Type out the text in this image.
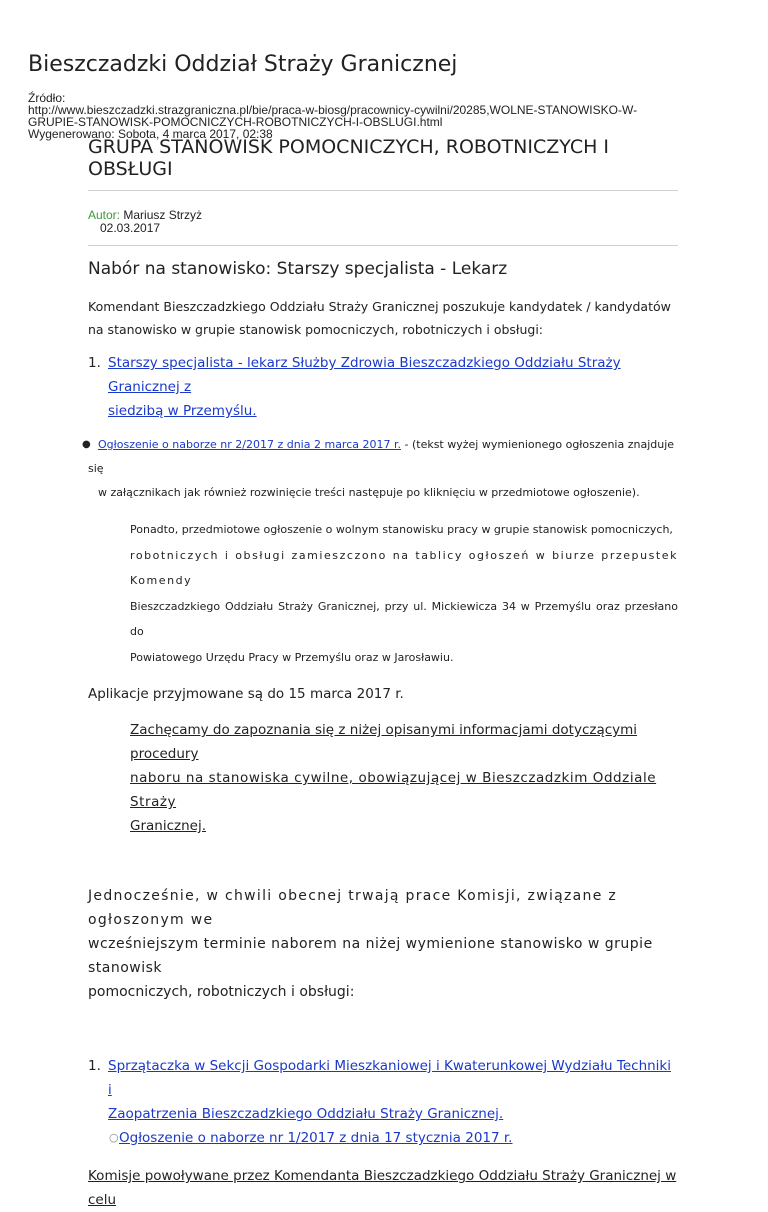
Bieszczadzki Oddział Straży Granicznej
Źródło:
http://www.bieszczadzki.strazgraniczna.pl/bie/praca-w-biosg/pracownicy-cywilni/20285,WOLNE-STANOWISKO-W-
GRUPIE-STANOWISK-POMOCNICZYCH-ROBOTNICZYCH-I-OBSLUGI.html
Wygenerowano: Sobota, 4 marca 2017, 02:38
GRUPA STANOWISK POMOCNICZYCH, ROBOTNICZYCH I
OBSŁUGI
Autor: Mariusz Strzyż
02.03.2017
Nabór na stanowisko: Starszy specjalista - Lekarz

Komendant Bieszczadzkiego Oddziału Straży Granicznej poszukuje kandydatek / kandydatów
na stanowisko w grupie stanowisk pomocniczych, robotniczych i obsługi:

1. Starszy specjalista - lekarz Służby Zdrowia Bieszczadzkiego Oddziału Straży Granicznej z
siedzibą w Przemyślu.
● Ogłoszenie o naborze nr 2/2017 z dnia 2 marca 2017 r. - (tekst wyżej wymienionego ogłoszenia znajduje się
w załącznikach jak również rozwinięcie treści następuje po kliknięciu w przedmiotowe ogłoszenie).

Ponadto, przedmiotowe ogłoszenie o wolnym stanowisku pracy w grupie stanowisk pomocniczych,
robotniczych i obsługi zamieszczono na tablicy ogłoszeń w biurze przepustek Komendy
Bieszczadzkiego Oddziału Straży Granicznej, przy ul. Mickiewicza 34 w Przemyślu oraz przesłano do
Powiatowego Urzędu Pracy w Przemyślu oraz w Jarosławiu.

Aplikacje przyjmowane są do 15 marca 2017 r.

Zachęcamy do zapoznania się z niżej opisanymi informacjami dotyczącymi procedury
naboru na stanowiska cywilne, obowiązującej w Bieszczadzkim Oddziale Straży
Granicznej.

Jednocześnie, w chwili obecnej trwają prace Komisji, związane z ogłoszonym we
wcześniejszym terminie naborem na niżej wymienione stanowisko w grupie stanowisk
pomocniczych, robotniczych i obsługi:

1. Sprzątaczka w Sekcji Gospodarki Mieszkaniowej i Kwaterunkowej Wydziału Techniki i
Zaopatrzenia Bieszczadzkiego Oddziału Straży Granicznej.
○ Ogłoszenie o naborze nr 1/2017 z dnia 17 stycznia 2017 r.

Komisje powoływane przez Komendanta Bieszczadzkiego Oddziału Straży Granicznej w celu
